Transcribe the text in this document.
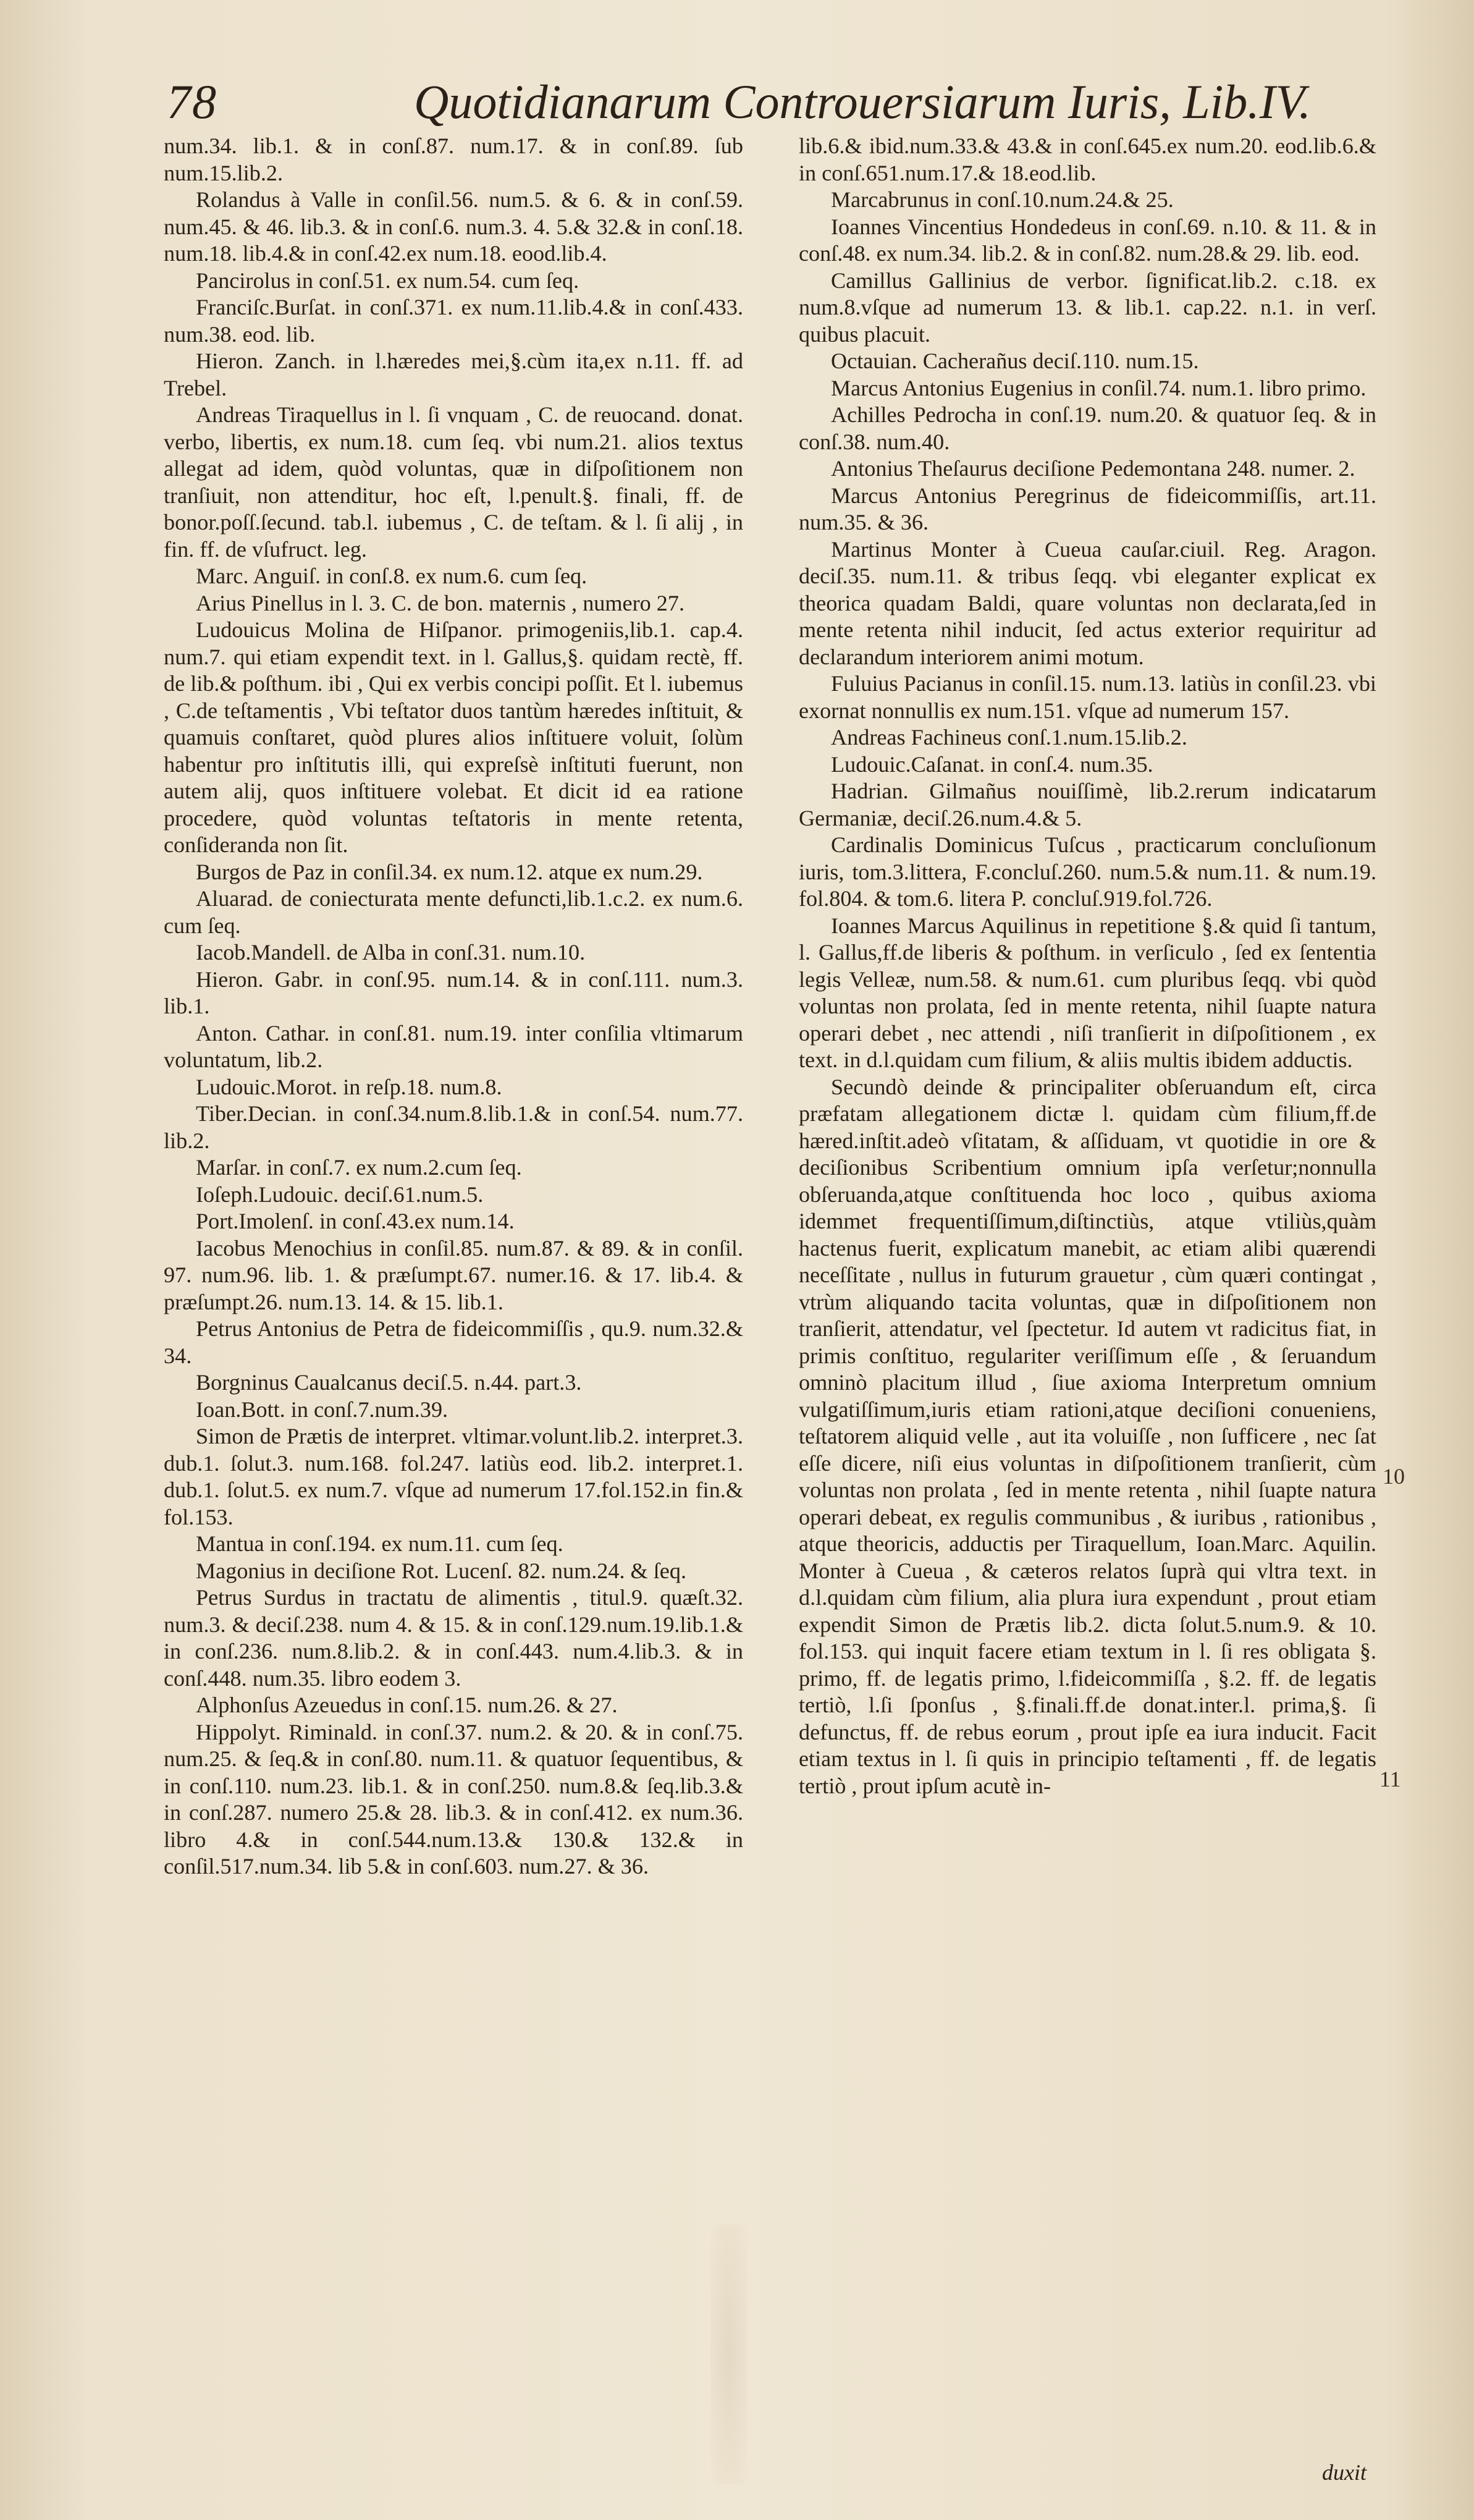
78	Quotidianarum Controuersiarum Iuris, Lib.IV.

num.34. lib.1. & in conſ.87. num.17. & in conſ.89. ſub num.15.lib.2.

Rolandus à Valle in conſil.56. num.5. & 6. & in conſ.59. num.45. & 46. lib.3. & in conſ.6. num.3. 4. 5.& 32.& in conſ.18. num.18. lib.4.& in conſ.42.ex num.18. eood.lib.4.

Pancirolus in conſ.51. ex num.54. cum ſeq.

Franciſc.Burſat. in conſ.371. ex num.11.lib.4.& in conſ.433. num.38. eod. lib.

Hieron. Zanch. in l.hæredes mei,§.cùm ita,ex n.11. ff. ad Trebel.

Andreas Tiraquellus in l. ſi vnquam , C. de reuocand. donat. verbo, libertis, ex num.18. cum ſeq. vbi num.21. alios textus allegat ad idem, quòd voluntas, quæ in diſpoſitionem non tranſiuit, non attenditur, hoc eſt, l.penult.§. finali, ff. de bonor.poſſ.ſecund. tab.l. iubemus , C. de teſtam. & l. ſi alij , in fin. ff. de vſufruct. leg.

Marc. Anguiſ. in conſ.8. ex num.6. cum ſeq.

Arius Pinellus in l. 3. C. de bon. maternis , numero 27.

Ludouicus Molina de Hiſpanor. primogeniis,lib.1. cap.4. num.7. qui etiam expendit text. in l. Gallus,§. quidam rectè, ff. de lib.& poſthum. ibi , Qui ex verbis concipi poſſit. Et l. iubemus , C.de teſtamentis , Vbi teſtator duos tantùm hæredes inſtituit, & quamuis conſtaret, quòd plures alios inſtituere voluit, ſolùm habentur pro inſtitutis illi, qui expreſsè inſtituti fuerunt, non autem alij, quos inſtituere volebat. Et dicit id ea ratione procedere, quòd voluntas teſtatoris in mente retenta, conſideranda non ſit.

Burgos de Paz in conſil.34. ex num.12. atque ex num.29.

Aluarad. de coniecturata mente defuncti,lib.1.c.2. ex num.6. cum ſeq.

Iacob.Mandell. de Alba in conſ.31. num.10.

Hieron. Gabr. in conſ.95. num.14. & in conſ.111. num.3. lib.1.

Anton. Cathar. in conſ.81. num.19. inter conſilia vltimarum voluntatum, lib.2.

Ludouic.Morot. in reſp.18. num.8.

Tiber.Decian. in conſ.34.num.8.lib.1.& in conſ.54. num.77. lib.2.

Marſar. in conſ.7. ex num.2.cum ſeq.

Ioſeph.Ludouic. deciſ.61.num.5.

Port.Imolenſ. in conſ.43.ex num.14.

Iacobus Menochius in conſil.85. num.87. & 89. & in conſil. 97. num.96. lib. 1. & præſumpt.67. numer.16. & 17. lib.4. & præſumpt.26. num.13. 14. & 15. lib.1.

Petrus Antonius de Petra de fideicommiſſis , qu.9. num.32.& 34.

Borgninus Caualcanus deciſ.5. n.44. part.3.

Ioan.Bott. in conſ.7.num.39.

Simon de Prætis de interpret. vltimar.volunt.lib.2. interpret.3. dub.1. ſolut.3. num.168. fol.247. latiùs eod. lib.2. interpret.1. dub.1. ſolut.5. ex num.7. vſque ad numerum 17.fol.152.in fin.& fol.153.

Mantua in conſ.194. ex num.11. cum ſeq.

Magonius in deciſione Rot. Lucenſ. 82. num.24. & ſeq.

Petrus Surdus in tractatu de alimentis , titul.9. quæſt.32. num.3. & deciſ.238. num 4. & 15. & in conſ.129.num.19.lib.1.& in conſ.236. num.8.lib.2. & in conſ.443. num.4.lib.3. & in conſ.448. num.35. libro eodem 3.

Alphonſus Azeuedus in conſ.15. num.26. & 27.

Hippolyt. Riminald. in conſ.37. num.2. & 20. & in conſ.75. num.25. & ſeq.& in conſ.80. num.11. & quatuor ſequentibus, & in conſ.110. num.23. lib.1. & in conſ.250. num.8.& ſeq.lib.3.& in conſ.287. numero 25.& 28. lib.3. & in conſ.412. ex num.36. libro 4.& in conſ.544.num.13.& 130.& 132.& in conſil.517.num.34. lib 5.& in conſ.603. num.27. & 36.

lib.6.& ibid.num.33.& 43.& in conſ.645.ex num.20. eod.lib.6.& in conſ.651.num.17.& 18.eod.lib.

Marcabrunus in conſ.10.num.24.& 25.

Ioannes Vincentius Hondedeus in conſ.69. n.10. & 11. & in conſ.48. ex num.34. lib.2. & in conſ.82. num.28.& 29. lib. eod.

Camillus Gallinius de verbor. ſignificat.lib.2. c.18. ex num.8.vſque ad numerum 13. & lib.1. cap.22. n.1. in verſ. quibus placuit.

Octauian. Cacherañus deciſ.110. num.15.

Marcus Antonius Eugenius in conſil.74. num.1. libro primo.

Achilles Pedrocha in conſ.19. num.20. & quatuor ſeq. & in conſ.38. num.40.

Antonius Theſaurus deciſione Pedemontana 248. numer. 2.

Marcus Antonius Peregrinus de fideicommiſſis, art.11. num.35. & 36.

Martinus Monter à Cueua cauſar.ciuil. Reg. Aragon. deciſ.35. num.11. & tribus ſeqq. vbi eleganter explicat ex theorica quadam Baldi, quare voluntas non declarata,ſed in mente retenta nihil inducit, ſed actus exterior requiritur ad declarandum interiorem animi motum.

Fuluius Pacianus in conſil.15. num.13. latiùs in conſil.23. vbi exornat nonnullis ex num.151. vſque ad numerum 157.

Andreas Fachineus conſ.1.num.15.lib.2.

Ludouic.Caſanat. in conſ.4. num.35.

Hadrian. Gilmañus nouiſſimè, lib.2.rerum indicatarum Germaniæ, deciſ.26.num.4.& 5.

Cardinalis Dominicus Tuſcus , practicarum concluſionum iuris, tom.3.littera, F.concluſ.260. num.5.& num.11. & num.19. fol.804. & tom.6. litera P. concluſ.919.fol.726.

Ioannes Marcus Aquilinus in repetitione §.& quid ſi tantum, l. Gallus,ff.de liberis & poſthum. in verſiculo , ſed ex ſententia legis Velleæ, num.58. & num.61. cum pluribus ſeqq. vbi quòd voluntas non prolata, ſed in mente retenta, nihil ſuapte natura operari debet , nec attendi , niſi tranſierit in diſpoſitionem , ex text. in d.l.quidam cum filium, & aliis multis ibidem adductis.

Secundò deinde & principaliter obſeruandum eſt, circa præfatam allegationem dictæ l. quidam cùm filium,ff.de hæred.inſtit.adeò vſitatam, & aſſiduam, vt quotidie in ore & deciſionibus Scribentium omnium ipſa verſetur;nonnulla obſeruanda,atque conſtituenda hoc loco , quibus axioma idemmet frequentiſſimum,diſtinctiùs, atque vtiliùs,quàm hactenus fuerit, explicatum manebit, ac etiam alibi quærendi neceſſitate , nullus in futurum grauetur , cùm quæri contingat , vtrùm aliquando tacita voluntas, quæ in diſpoſitionem non tranſierit, attendatur, vel ſpectetur. Id autem vt radicitus fiat, in primis conſtituo, regulariter veriſſimum eſſe , & ſeruandum omninò placitum illud , ſiue axioma Interpretum omnium vulgatiſſimum,iuris etiam rationi,atque deciſioni conueniens, teſtatorem aliquid velle , aut ita voluiſſe , non ſufficere , nec ſat eſſe dicere, niſi eius voluntas in diſpoſitionem tranſierit, cùm voluntas non prolata , ſed in mente retenta , nihil ſuapte natura operari debeat, ex regulis communibus , & iuribus , rationibus , atque theoricis, adductis per Tiraquellum, Ioan.Marc. Aquilin. Monter à Cueua , & cæteros relatos ſuprà qui vltra text. in d.l.quidam cùm filium, alia plura iura expendunt , prout etiam expendit Simon de Prætis lib.2. dicta ſolut.5.num.9. & 10. fol.153. qui inquit facere etiam textum in l. ſi res obligata §. primo, ff. de legatis primo, l.fideicommiſſa , §.2. ff. de legatis tertiò, l.ſi ſponſus , §.finali.ff.de donat.inter.l. prima,§. ſi defunctus, ff. de rebus eorum , prout ipſe ea iura inducit. Facit etiam textus in l. ſi quis in principio teſtamenti , ff. de legatis tertiò , prout ipſum acutè in-

10
11
duxit
